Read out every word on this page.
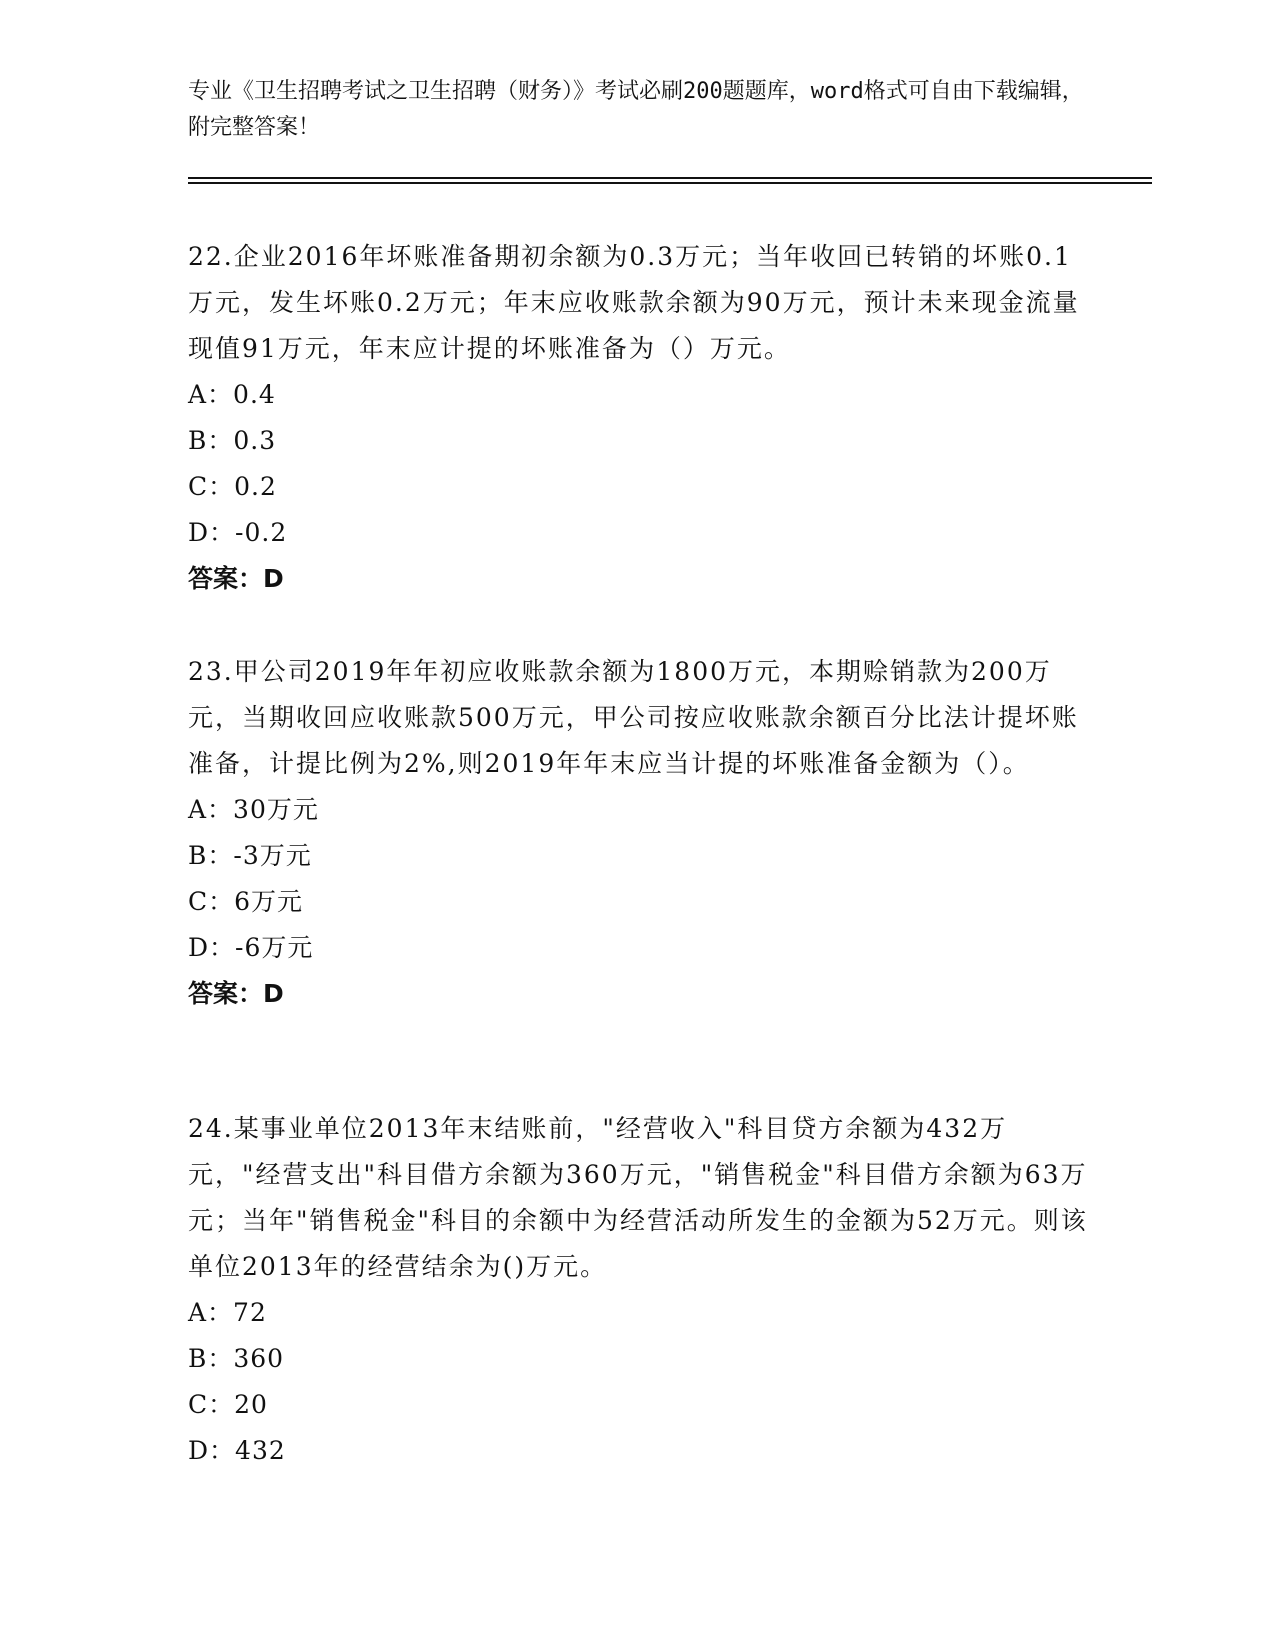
专业《卫生招聘考试之卫生招聘（财务）》考试必刷200题题库，word格式可自由下载编辑，附完整答案！

22.企业2016年坏账准备期初余额为0.3万元；当年收回已转销的坏账0.1万元，发生坏账0.2万元；年末应收账款余额为90万元，预计未来现金流量现值91万元，年末应计提的坏账准备为（）万元。

A：0.4

B：0.3

C：0.2

D：-0.2

答案：D

23.甲公司2019年年初应收账款余额为1800万元，本期赊销款为200万元，当期收回应收账款500万元，甲公司按应收账款余额百分比法计提坏账准备，计提比例为2%,则2019年年末应当计提的坏账准备金额为（）。

A：30万元

B：-3万元

C：6万元

D：-6万元

答案：D

24.某事业单位2013年末结账前，"经营收入"科目贷方余额为432万元，"经营支出"科目借方余额为360万元，"销售税金"科目借方余额为63万元；当年"销售税金"科目的余额中为经营活动所发生的金额为52万元。则该单位2013年的经营结余为()万元。

A：72

B：360

C：20

D：432
